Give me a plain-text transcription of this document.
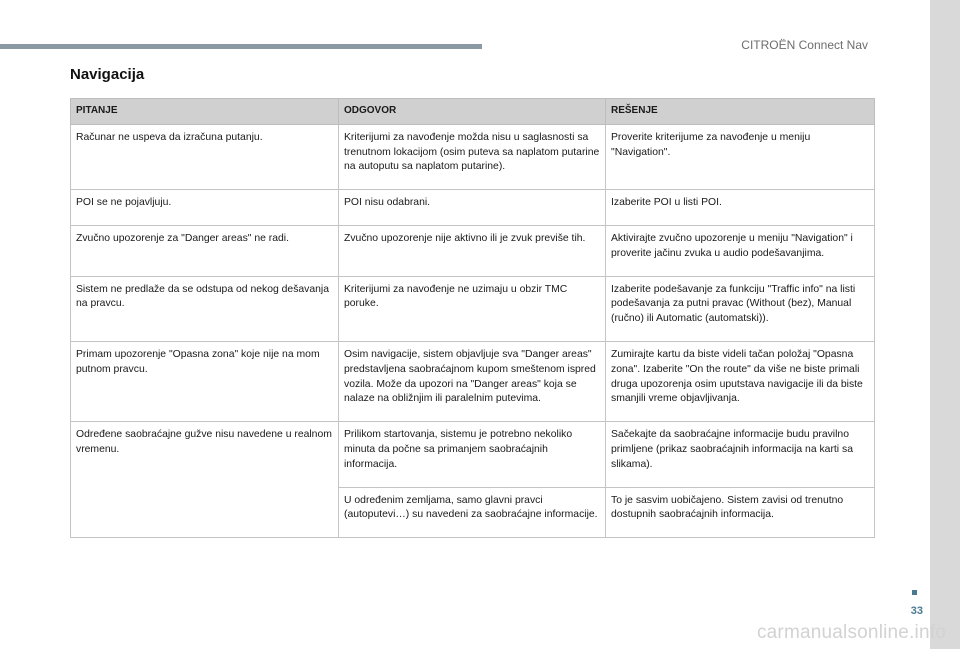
CITROËN Connect Nav
Navigacija
PITANJE	ODGOVOR	REŠENJE
Računar ne uspeva da izračuna putanju.	Kriterijumi za navođenje možda nisu u saglasnosti sa trenutnom lokacijom (osim puteva sa naplatom putarine na autoputu sa naplatom putarine).	Proverite kriterijume za navođenje u meniju "Navigation".
POI se ne pojavljuju.	POI nisu odabrani.	Izaberite POI u listi POI.
Zvučno upozorenje za "Danger areas" ne radi.	Zvučno upozorenje nije aktivno ili je zvuk previše tih.	Aktivirajte zvučno upozorenje u meniju "Navigation" i proverite jačinu zvuka u audio podešavanjima.
Sistem ne predlaže da se odstupa od nekog dešavanja na pravcu.	Kriterijumi za navođenje ne uzimaju u obzir TMC poruke.	Izaberite podešavanje za funkciju "Traffic info" na listi podešavanja za putni pravac (Without (bez), Manual (ručno) ili Automatic (automatski)).
Primam upozorenje "Opasna zona" koje nije na mom putnom pravcu.	Osim navigacije, sistem objavljuje sva "Danger areas" predstavljena saobraćajnom kupom smeštenom ispred vozila. Može da upozori na "Danger areas" koja se nalaze na obližnjim ili paralelnim putevima.	Zumirajte kartu da biste videli tačan položaj "Opasna zona". Izaberite "On the route" da više ne biste primali druga upozorenja osim uputstava navigacije ili da biste smanjili vreme objavljivanja.
Određene saobraćajne gužve nisu navedene u realnom vremenu.	Prilikom startovanja, sistemu je potrebno nekoliko minuta da počne sa primanjem saobraćajnih informacija.	Sačekajte da saobraćajne informacije budu pravilno primljene (prikaz saobraćajnih informacija na karti sa slikama).
	U određenim zemljama, samo glavni pravci (autoputevi…) su navedeni za saobraćajne informacije.	To je sasvim uobičajeno. Sistem zavisi od trenutno dostupnih saobraćajnih informacija.
33
carmanualsonline.info
